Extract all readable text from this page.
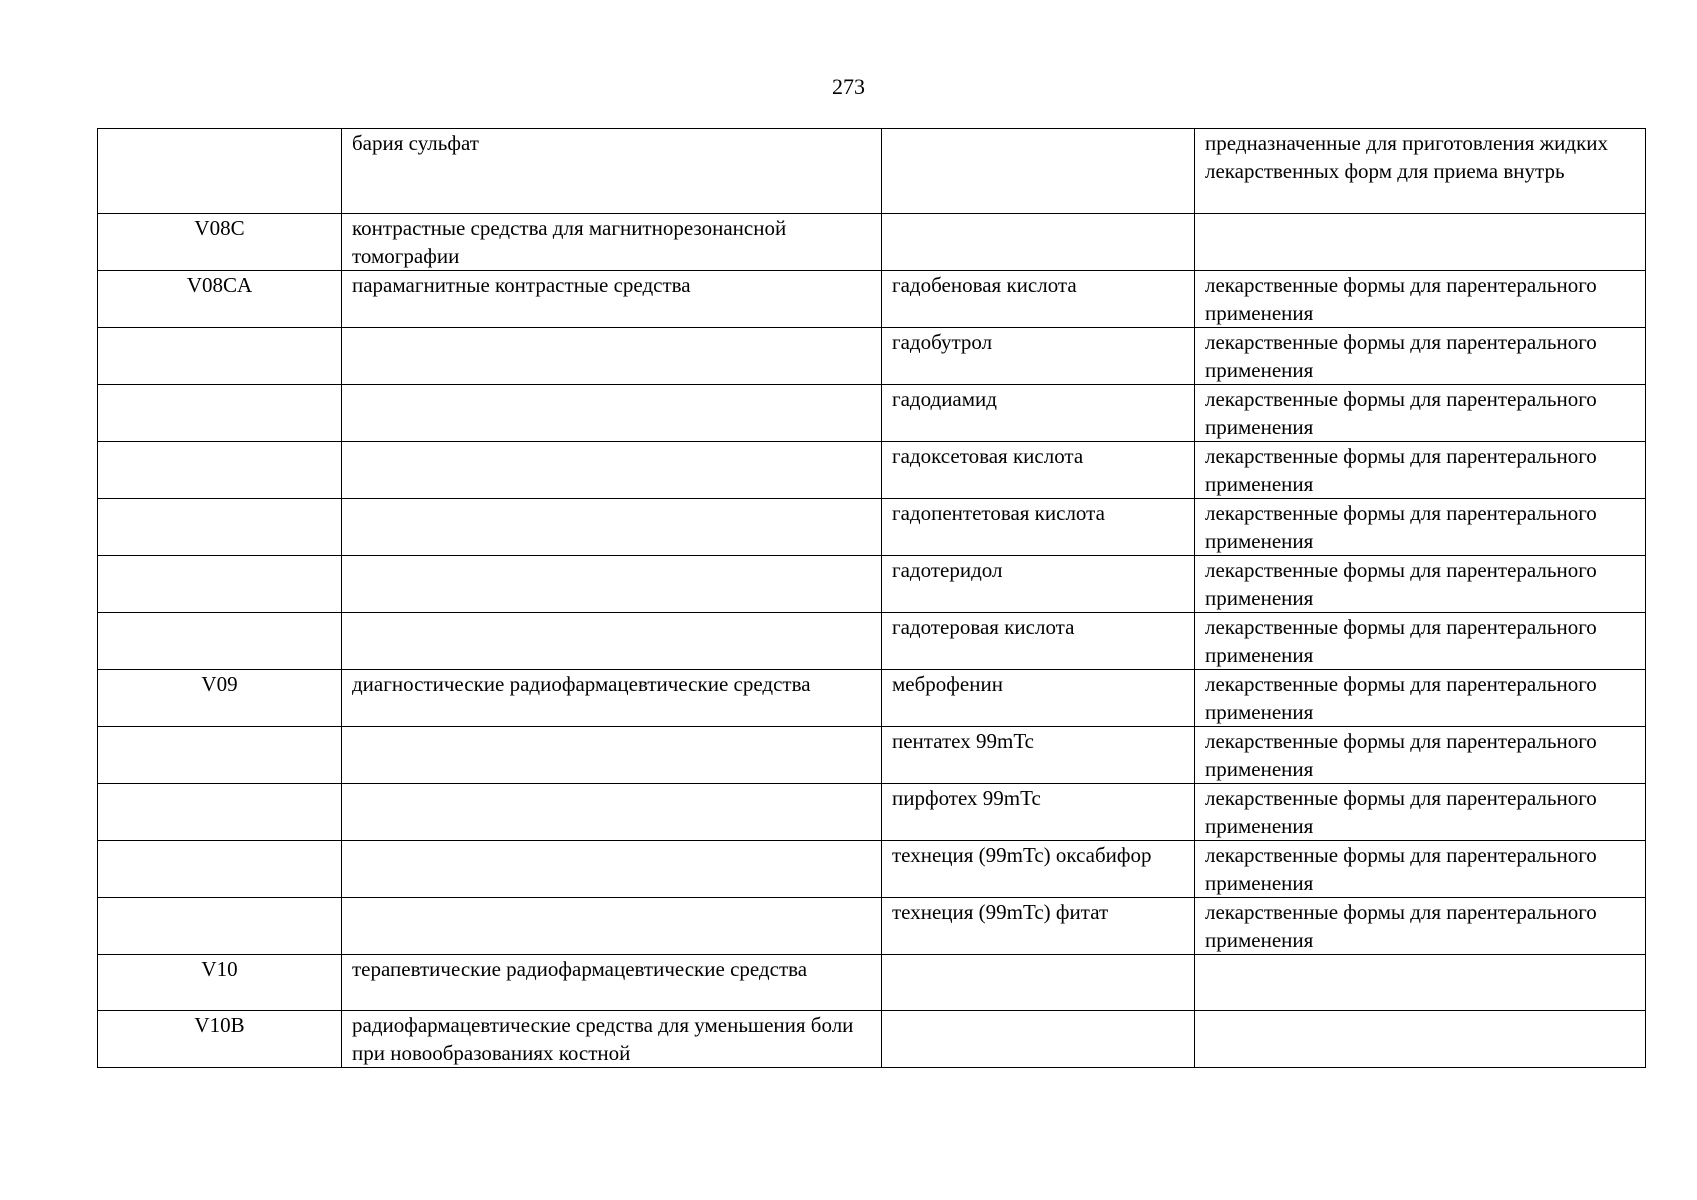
273
	бария сульфат		предназначенные для приготовления жидких лекарственных форм для приема внутрь
V08C	контрастные средства для магнитнорезонансной томографии		
V08CA	парамагнитные контрастные средства	гадобеновая кислота	лекарственные формы для парентерального применения
		гадобутрол	лекарственные формы для парентерального применения
		гадодиамид	лекарственные формы для парентерального применения
		гадоксетовая кислота	лекарственные формы для парентерального применения
		гадопентетовая кислота	лекарственные формы для парентерального применения
		гадотеридол	лекарственные формы для парентерального применения
		гадотеровая кислота	лекарственные формы для парентерального применения
V09	диагностические радиофармацевтические средства	меброфенин	лекарственные формы для парентерального применения
		пентатех 99mTc	лекарственные формы для парентерального применения
		пирфотех 99mTc	лекарственные формы для парентерального применения
		технеция (99mTc) оксабифор	лекарственные формы для парентерального применения
		технеция (99mTc) фитат	лекарственные формы для парентерального применения
V10	терапевтические радиофармацевтические средства		
V10B	радиофармацевтические средства для уменьшения боли при новообразованиях костной		
